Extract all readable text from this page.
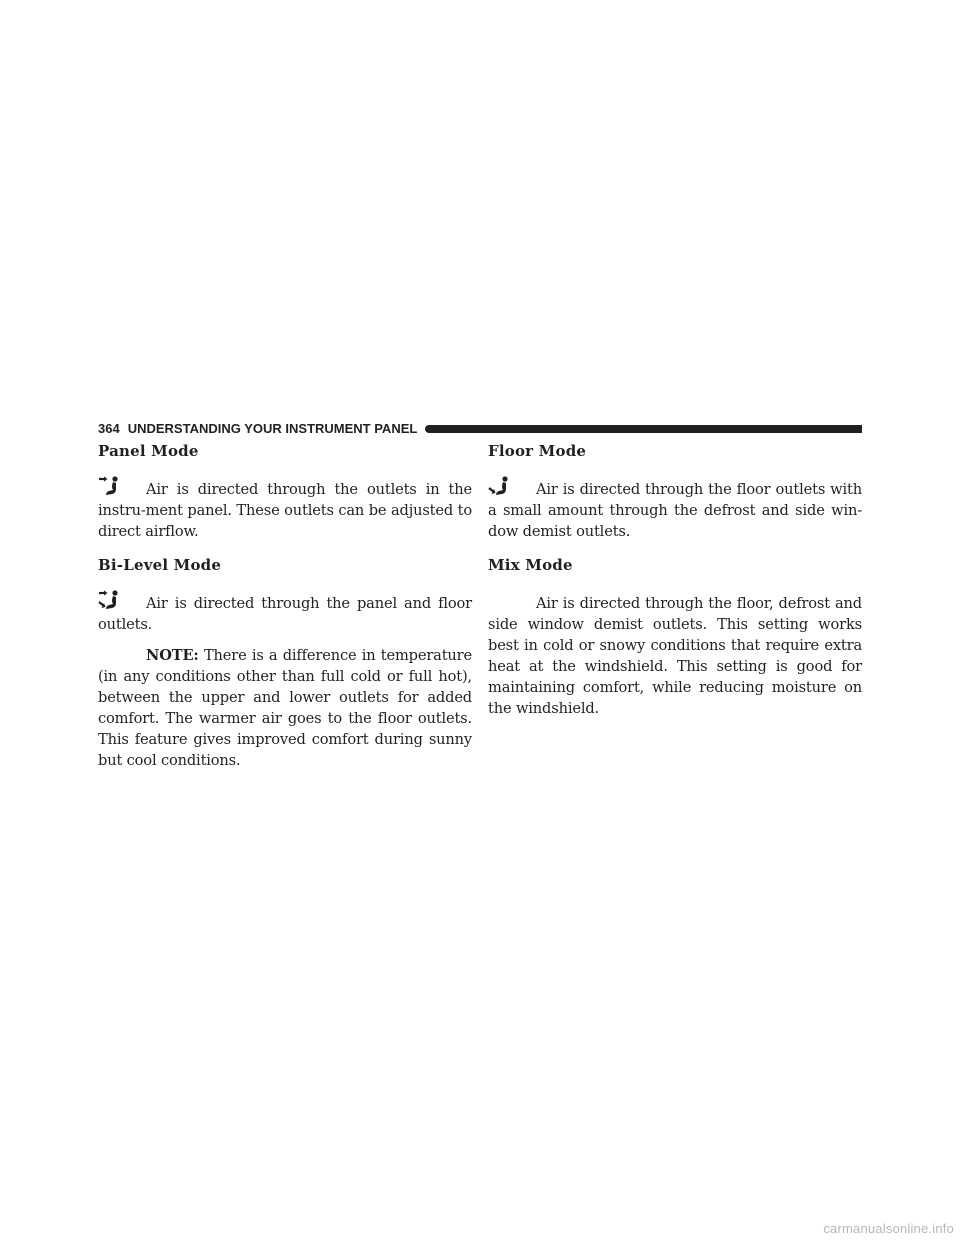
364 UNDERSTANDING YOUR INSTRUMENT PANEL
Panel Mode

Air is directed through the outlets in the instru-ment panel. These outlets can be adjusted to direct airflow.

Bi-Level Mode

Air is directed through the panel and floor outlets.

NOTE: There is a difference in temperature (in any conditions other than full cold or full hot), between the upper and lower outlets for added comfort. The warmer air goes to the floor outlets. This feature gives improved comfort during sunny but cool conditions.

Floor Mode

Air is directed through the floor outlets with a small amount through the defrost and side win-dow demist outlets.

Mix Mode

Air is directed through the floor, defrost and side window demist outlets. This setting works best in cold or snowy conditions that require extra heat at the windshield. This setting is good for maintaining comfort, while reducing moisture on the windshield.

carmanualsonline.info
